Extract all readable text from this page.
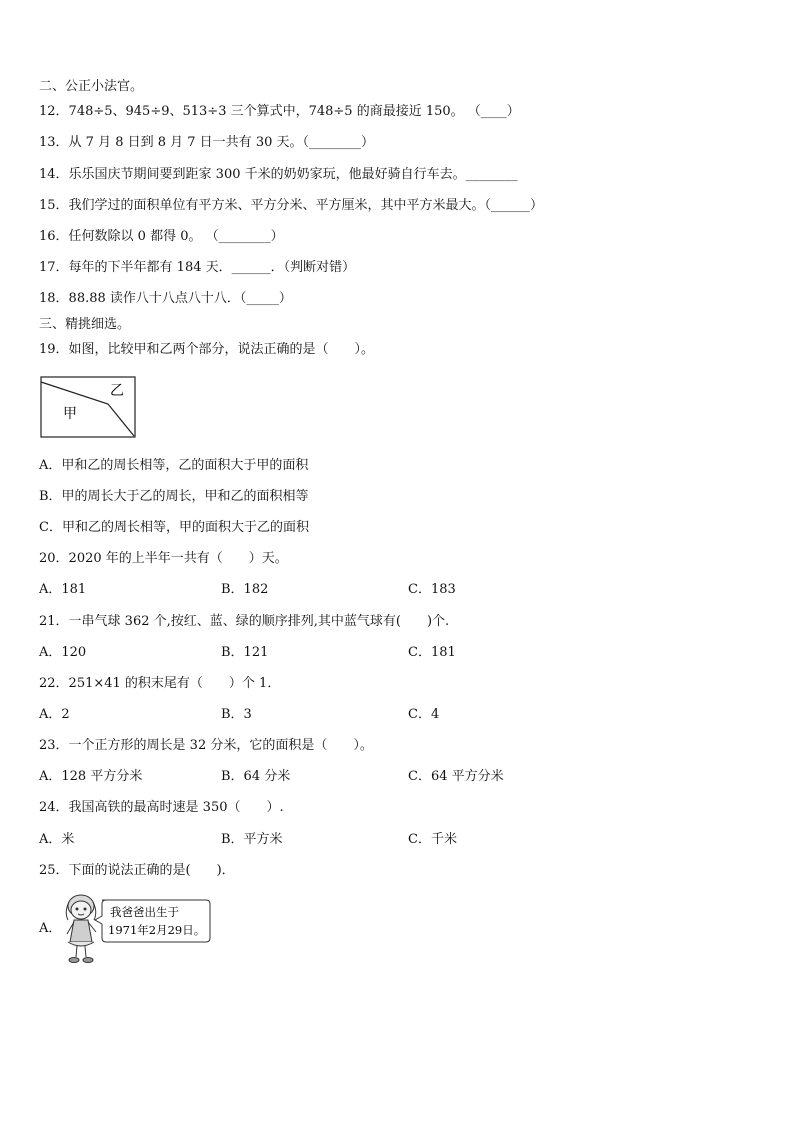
二、公正小法官。
12．748÷5、945÷9、513÷3 三个算式中，748÷5 的商最接近 150。 （____）
13．从 7 月 8 日到 8 月 7 日一共有 30 天。（________）
14．乐乐国庆节期间要到距家 300 千米的奶奶家玩，他最好骑自行车去。________
15．我们学过的面积单位有平方米、平方分米、平方厘米，其中平方米最大。（______）
16．任何数除以 0 都得 0。 （________）
17．每年的下半年都有 184 天．______．（判断对错）
18．88.88 读作八十八点八十八．（_____）
三、精挑细选。
19．如图，比较甲和乙两个部分，说法正确的是（　　）。
甲
乙
A．甲和乙的周长相等，乙的面积大于甲的面积
B．甲的周长大于乙的周长，甲和乙的面积相等
C．甲和乙的周长相等，甲的面积大于乙的面积
20．2020 年的上半年一共有（　　）天。
A．181	B．182	C．183
21．一串气球 362 个,按红、蓝、绿的顺序排列,其中蓝气球有(　　)个.
A．120	B．121	C．181
22．251×41 的积末尾有（　　）个 1．
A．2	B．3	C．4
23．一个正方形的周长是 32 分米，它的面积是（　　）。
A．128 平方分米	B．64 分米	C．64 平方分米
24．我国高铁的最高时速是 350（　　）.
A．米	B．平方米	C．千米
25．下面的说法正确的是(　　)．
A．
我爸爸出生于
1971年2月29日。
